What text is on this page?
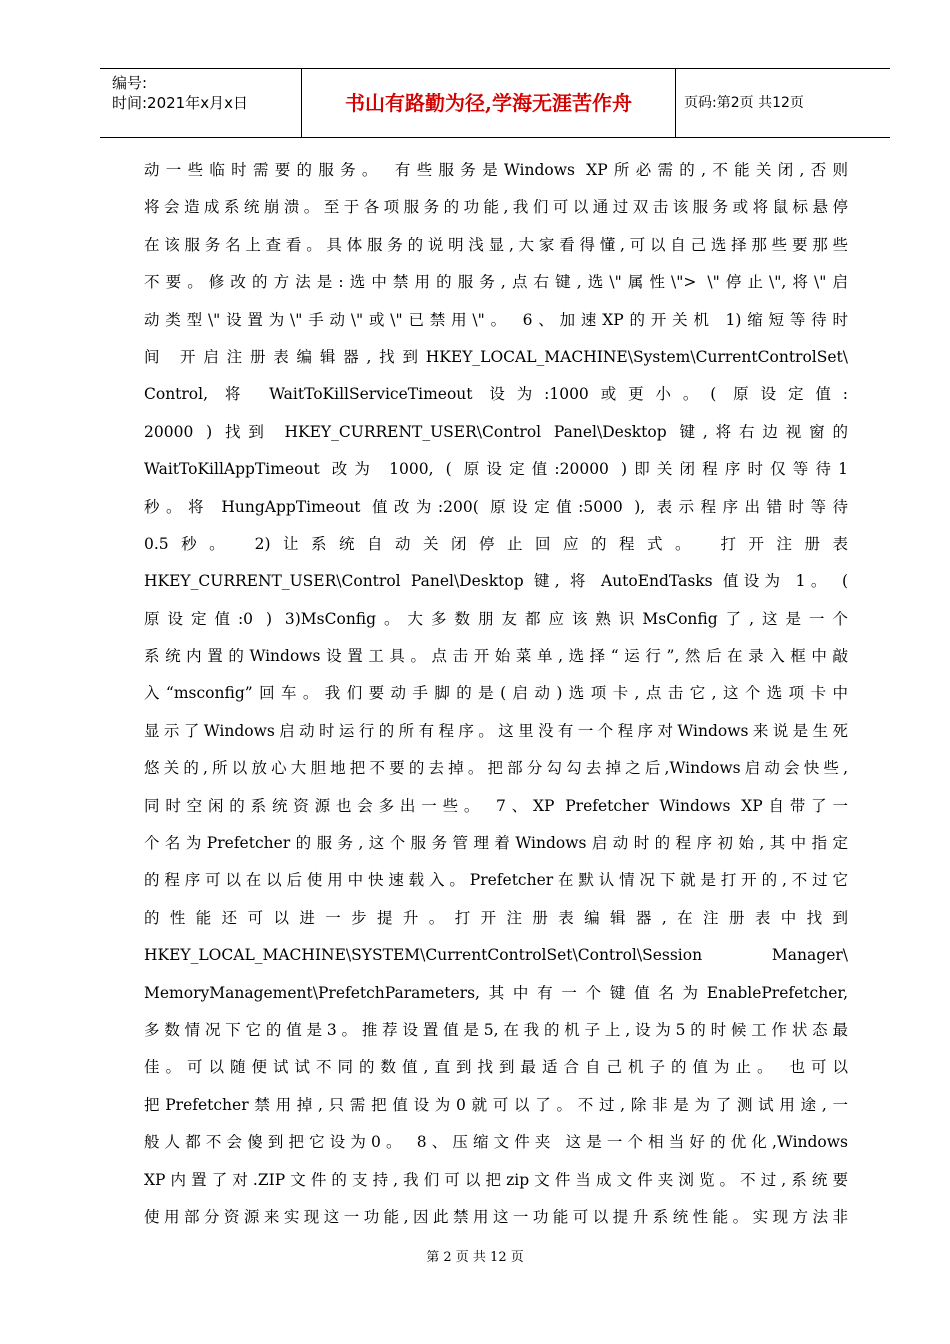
编号:
时间:2021年x月x日	书山有路勤为径,学海无涯苦作舟	页码:第2页 共12页
动一些临时需要的服务。 有些服务是Windows XP所必需的,不能关闭,否则
将会造成系统崩溃。至于各项服务的功能,我们可以通过双击该服务或将鼠标悬停
在该服务名上查看。具体服务的说明浅显,大家看得懂,可以自己选择那些要那些
不要。修改的方法是:选中禁用的服务,点右键,选\"属性\"> \"停止\",将\"启
动类型\"设置为\"手动\"或\"已禁用\"。 6、加速XP的开关机 1)缩短等待时
间 开启注册表编辑器,找到HKEY_LOCAL_MACHINE\System\CurrentControlSet\
Control, 将 WaitToKillServiceTimeout 设为:1000或更小。( 原设定值:
20000 ) 找到 HKEY_CURRENT_USER\Control Panel\Desktop 键,将右边视窗的
WaitToKillAppTimeout 改为 1000, ( 原设定值:20000 )即关闭程序时仅等待1
秒。将 HungAppTimeout 值改为:200( 原设定值:5000 ), 表示程序出错时等待
0.5秒。 2)让系统自动关闭停止回应的程式。 打开注册表
HKEY_CURRENT_USER\Control Panel\Desktop 键, 将 AutoEndTasks 值设为 1。 (
原设定值:0 ) 3)MsConfig。大多数朋友都应该熟识MsConfig了,这是一个
系统内置的Windows设置工具。点击开始菜单,选择“运行”,然后在录入框中敲
入“msconfig”回车。我们要动手脚的是(启动)选项卡,点击它,这个选项卡中
显示了Windows启动时运行的所有程序。这里没有一个程序对Windows来说是生死
悠关的,所以放心大胆地把不要的去掉。把部分勾勾去掉之后,Windows启动会快些,
同时空闲的系统资源也会多出一些。 7、XP Prefetcher Windows XP自带了一
个名为Prefetcher的服务,这个服务管理着Windows启动时的程序初始,其中指定
的程序可以在以后使用中快速载入。Prefetcher在默认情况下就是打开的,不过它
的性能还可以进一步提升。打开注册表编辑器,在注册表中找到
HKEY_LOCAL_MACHINE\SYSTEM\CurrentControlSet\Control\Session Manager\
MemoryManagement\PrefetchParameters,其中有一个键值名为EnablePrefetcher,
多数情况下它的值是3。推荐设置值是5,在我的机子上,设为5的时候工作状态最
佳。可以随便试试不同的数值,直到找到最适合自己机子的值为止。 也可以
把Prefetcher禁用掉,只需把值设为0就可以了。不过,除非是为了测试用途,一
般人都不会傻到把它设为0。 8、压缩文件夹 这是一个相当好的优化,Windows
XP内置了对.ZIP文件的支持,我们可以把zip文件当成文件夹浏览。不过,系统要
使用部分资源来实现这一功能,因此禁用这一功能可以提升系统性能。实现方法非
第 2 页 共 12 页
